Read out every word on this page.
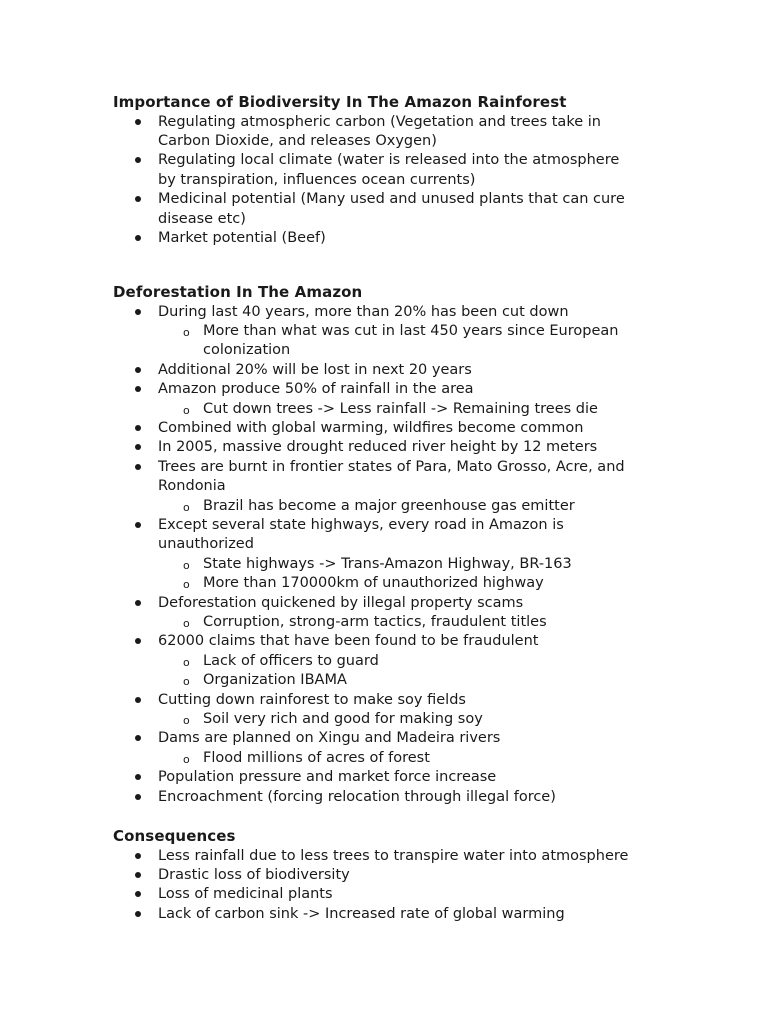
Importance of Biodiversity In The Amazon Rainforest
Regulating atmospheric carbon (Vegetation and trees take in
Carbon Dioxide, and releases Oxygen)
Regulating local climate (water is released into the atmosphere
by transpiration, influences ocean currents)
Medicinal potential (Many used and unused plants that can cure
disease etc)
Market potential (Beef)
Deforestation In The Amazon
During last 40 years, more than 20% has been cut down
o More than what was cut in last 450 years since European
colonization
Additional 20% will be lost in next 20 years
Amazon produce 50% of rainfall in the area
o Cut down trees -> Less rainfall -> Remaining trees die
Combined with global warming, wildfires become common
In 2005, massive drought reduced river height by 12 meters
Trees are burnt in frontier states of Para, Mato Grosso, Acre, and
Rondonia
o Brazil has become a major greenhouse gas emitter
Except several state highways, every road in Amazon is
unauthorized
o State highways -> Trans-Amazon Highway, BR-163
o More than 170000km of unauthorized highway
Deforestation quickened by illegal property scams
o Corruption, strong-arm tactics, fraudulent titles
62000 claims that have been found to be fraudulent
o Lack of officers to guard
o Organization IBAMA
Cutting down rainforest to make soy fields
o Soil very rich and good for making soy
Dams are planned on Xingu and Madeira rivers
o Flood millions of acres of forest
Population pressure and market force increase
Encroachment (forcing relocation through illegal force)
Consequences
Less rainfall due to less trees to transpire water into atmosphere
Drastic loss of biodiversity
Loss of medicinal plants
Lack of carbon sink -> Increased rate of global warming
